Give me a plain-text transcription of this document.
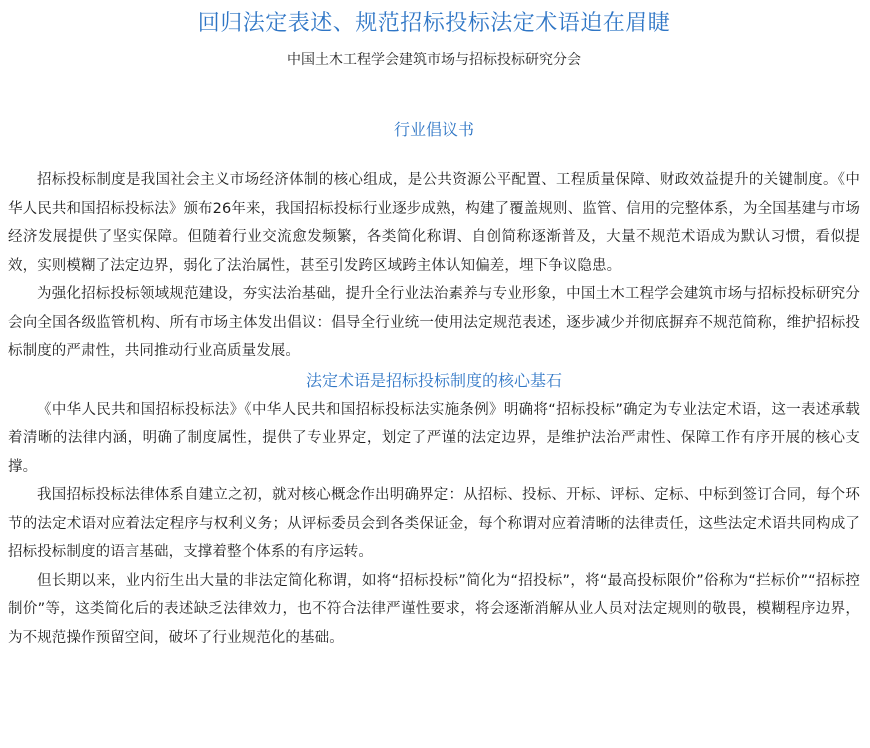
回归法定表述、规范招标投标法定术语迫在眉睫

中国土木工程学会建筑市场与招标投标研究分会

行业倡议书

招标投标制度是我国社会主义市场经济体制的核心组成，是公共资源公平配置、工程质量保障、财政效益提升的关键制度。《中华人民共和国招标投标法》颁布26年来，我国招标投标行业逐步成熟，构建了覆盖规则、监管、信用的完整体系，为全国基建与市场经济发展提供了坚实保障。但随着行业交流愈发频繁，各类简化称谓、自创简称逐渐普及，大量不规范术语成为默认习惯，看似提效，实则模糊了法定边界，弱化了法治属性，甚至引发跨区域跨主体认知偏差，埋下争议隐患。

为强化招标投标领域规范建设，夯实法治基础，提升全行业法治素养与专业形象，中国土木工程学会建筑市场与招标投标研究分会向全国各级监管机构、所有市场主体发出倡议：倡导全行业统一使用法定规范表述，逐步减少并彻底摒弃不规范简称，维护招标投标制度的严肃性，共同推动行业高质量发展。

法定术语是招标投标制度的核心基石

《中华人民共和国招标投标法》《中华人民共和国招标投标法实施条例》明确将“招标投标”确定为专业法定术语，这一表述承载着清晰的法律内涵，明确了制度属性，提供了专业界定，划定了严谨的法定边界，是维护法治严肃性、保障工作有序开展的核心支撑。

我国招标投标法律体系自建立之初，就对核心概念作出明确界定：从招标、投标、开标、评标、定标、中标到签订合同，每个环节的法定术语对应着法定程序与权利义务；从评标委员会到各类保证金，每个称谓对应着清晰的法律责任，这些法定术语共同构成了招标投标制度的语言基础，支撑着整个体系的有序运转。

但长期以来，业内衍生出大量的非法定简化称谓，如将“招标投标”简化为“招投标”，将“最高投标限价”俗称为“拦标价”“招标控制价”等，这类简化后的表述缺乏法律效力，也不符合法律严谨性要求，将会逐渐消解从业人员对法定规则的敬畏，模糊程序边界，为不规范操作预留空间，破坏了行业规范化的基础。
